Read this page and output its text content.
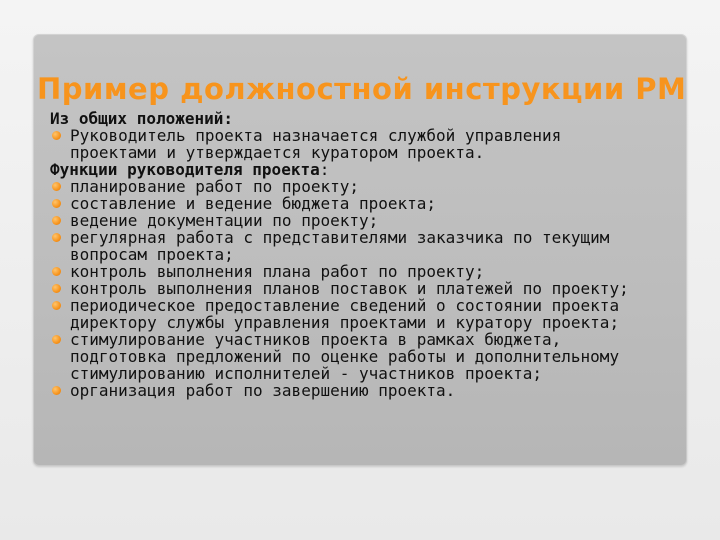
Пример должностной инструкции PM
Из общих положений:
Руководитель проекта назначается службой управления
проектами и утверждается куратором проекта.
Функции руководителя проекта:
планирование работ по проекту;
составление и ведение бюджета проекта;
ведение документации по проекту;
регулярная работа с представителями заказчика по текущим
вопросам проекта;
контроль выполнения плана работ по проекту;
контроль выполнения планов поставок и платежей по проекту;
периодическое предоставление сведений о состоянии проекта
директору службы управления проектами и куратору проекта;
стимулирование участников проекта в рамках бюджета,
подготовка предложений по оценке работы и дополнительному
стимулированию исполнителей - участников проекта;
организация работ по завершению проекта.
